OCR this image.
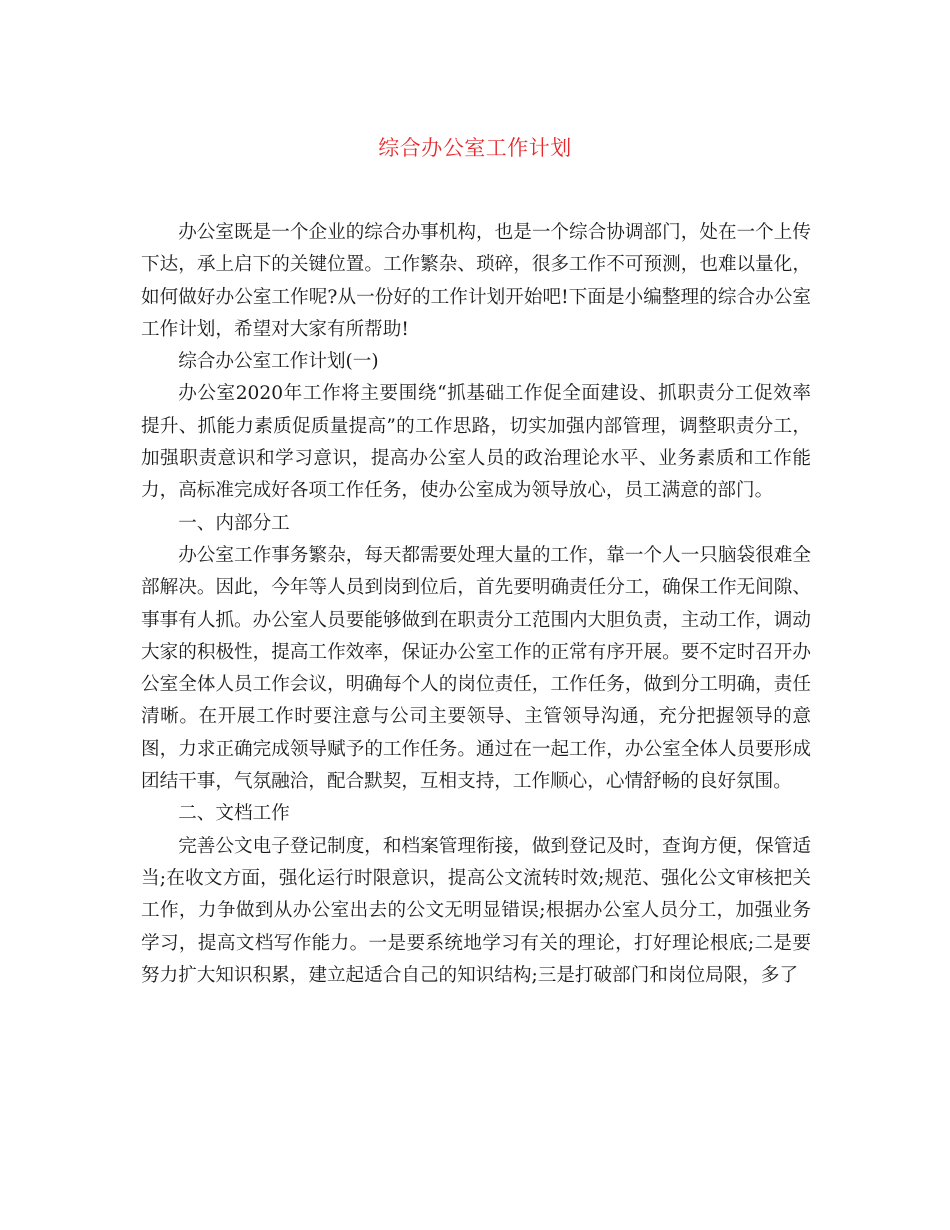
综合办公室工作计划

办公室既是一个企业的综合办事机构，也是一个综合协调部门，处在一个上传下达，承上启下的关键位置。工作繁杂、琐碎，很多工作不可预测，也难以量化，如何做好办公室工作呢?从一份好的工作计划开始吧!下面是小编整理的综合办公室工作计划，希望对大家有所帮助!

综合办公室工作计划(一)

办公室2020年工作将主要围绕“抓基础工作促全面建设、抓职责分工促效率提升、抓能力素质促质量提高”的工作思路，切实加强内部管理，调整职责分工，加强职责意识和学习意识，提高办公室人员的政治理论水平、业务素质和工作能力，高标准完成好各项工作任务，使办公室成为领导放心，员工满意的部门。

一、内部分工

办公室工作事务繁杂，每天都需要处理大量的工作，靠一个人一只脑袋很难全部解决。因此，今年等人员到岗到位后，首先要明确责任分工，确保工作无间隙、事事有人抓。办公室人员要能够做到在职责分工范围内大胆负责，主动工作，调动大家的积极性，提高工作效率，保证办公室工作的正常有序开展。要不定时召开办公室全体人员工作会议，明确每个人的岗位责任，工作任务，做到分工明确，责任清晰。在开展工作时要注意与公司主要领导、主管领导沟通，充分把握领导的意图，力求正确完成领导赋予的工作任务。通过在一起工作，办公室全体人员要形成团结干事，气氛融洽，配合默契，互相支持，工作顺心，心情舒畅的良好氛围。

二、文档工作

完善公文电子登记制度，和档案管理衔接，做到登记及时，查询方便，保管适当;在收文方面，强化运行时限意识，提高公文流转时效;规范、强化公文审核把关工作，力争做到从办公室出去的公文无明显错误;根据办公室人员分工，加强业务学习，提高文档写作能力。一是要系统地学习有关的理论，打好理论根底;二是要努力扩大知识积累，建立起适合自己的知识结构;三是打破部门和岗位局限，多了
